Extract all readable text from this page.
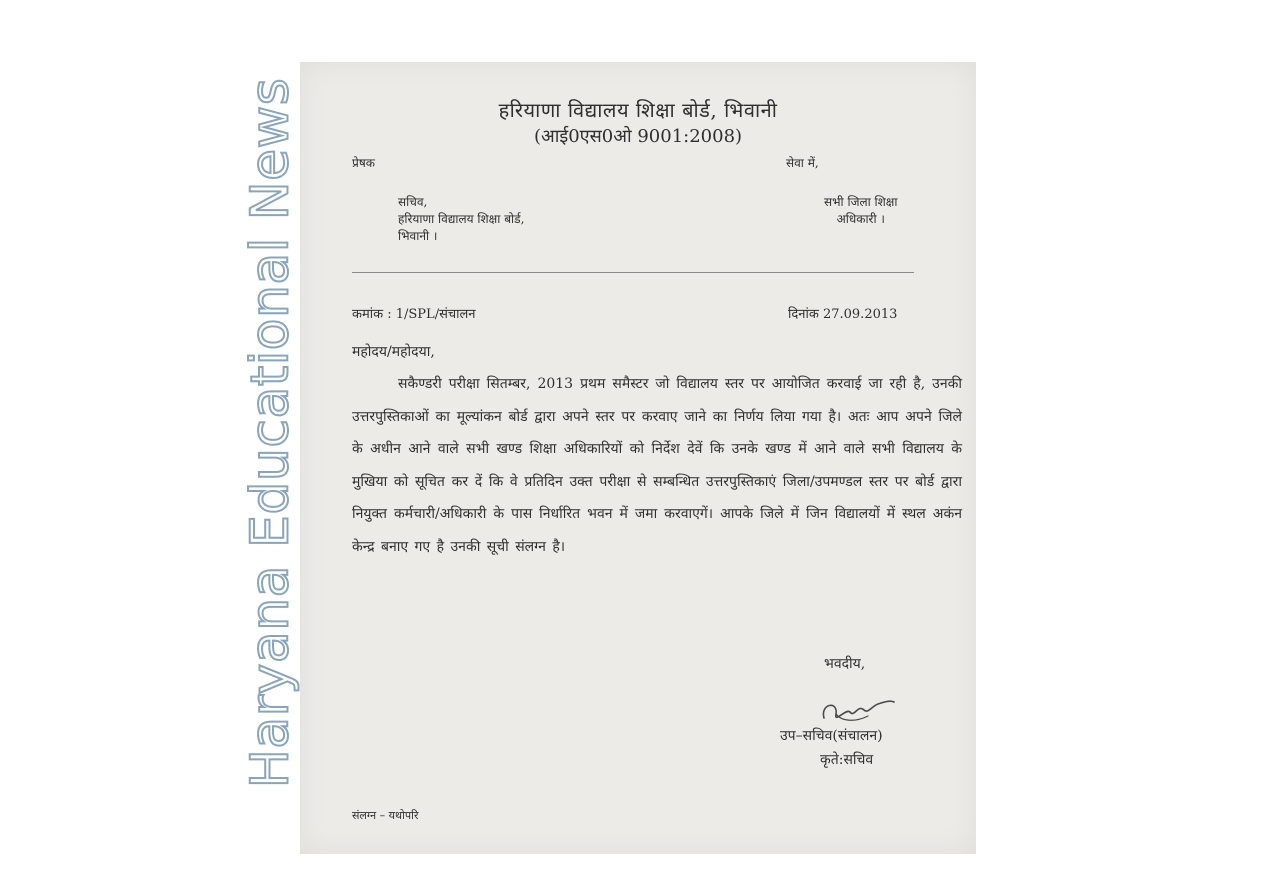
Haryana Educational News	हरियाणा विद्यालय शिक्षा बोर्ड, भिवानी
(आई0एस0ओ 9001:2008)
प्रेषक	सेवा में,
सचिव,
हरियाणा विद्यालय शिक्षा बोर्ड,
भिवानी ।
सभी जिला शिक्षा
अधिकारी ।
कमांक : 1/SPL/संचालन	दिनांक 27.09.2013
महोदय/महोदया,
सकैण्डरी परीक्षा सितम्बर, 2013 प्रथम समैस्टर जो विद्यालय स्तर पर आयोजित करवाई जा रही है, उनकी उत्तरपुस्तिकाओं का मूल्यांकन बोर्ड द्वारा अपने स्तर पर करवाए जाने का निर्णय लिया गया है। अतः आप अपने जिले के अधीन आने वाले सभी खण्ड शिक्षा अधिकारियों को निर्देश देवें कि उनके खण्ड में आने वाले सभी विद्यालय के मुखिया को सूचित कर दें कि वे प्रतिदिन उक्त परीक्षा से सम्बन्धित उत्तरपुस्तिकाएं जिला/उपमण्डल स्तर पर बोर्ड द्वारा नियुक्त कर्मचारी/अधिकारी के पास निर्धारित भवन में जमा करवाएगें। आपके जिले में जिन विद्यालयों में स्थल अकंन केन्द्र बनाए गए है उनकी सूची संलग्न है।
भवदीय,
उप–सचिव(संचालन)
कृते:सचिव
संलग्न – यथोपरि
